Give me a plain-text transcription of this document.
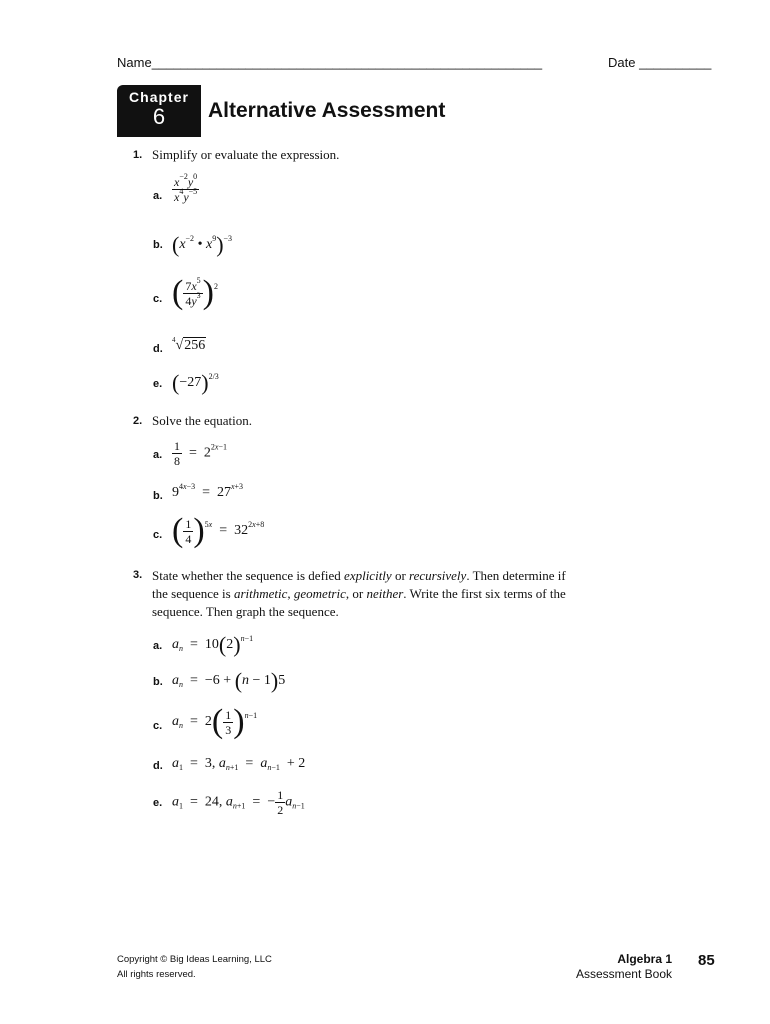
Name______________________________________________________	Date __________
Chapter
6	Alternative Assessment
1. Simplify or evaluate the expression.
a. $\frac{x^{-2}y^0}{x^4y^{-5}}$
b. ($x^{-2}$ • $x^9)^{-3}$
c. ( $\frac{7x^5}{4y^3} )^2$
d.
$^4$√256
e. $(-27)^{2/3}$
2. Solve the equation.
a. $\frac{1}{8} = 2^{2x-1}$
b. $9^{4x-3} = 27^{x+3}$
c. ( $\frac{1}{4} )^{5x} = 32^{2x+8}$
3. State whether the sequence is defied explicitly or recursively. Then determine if
the sequence is arithmetic, geometric, or neither. Write the first six terms of the
sequence. Then graph the sequence.
a. $a_n = 10(2)^{n-1}$
b. $a_n = -6 + (n - 1)5$
c. $a_n = 2( \frac{1}{3} )^{n-1}$
d. $a_1 = 3$, $a_{n+1} = a_{n-1} + 2$
e. $a_1 = 24$, $a_{n+1}$  =  − $\frac{1}{2} a_{n-1}$
Copyright © Big Ideas Learning, LLC
All rights reserved.
Algebra 1
Assessment Book
85
